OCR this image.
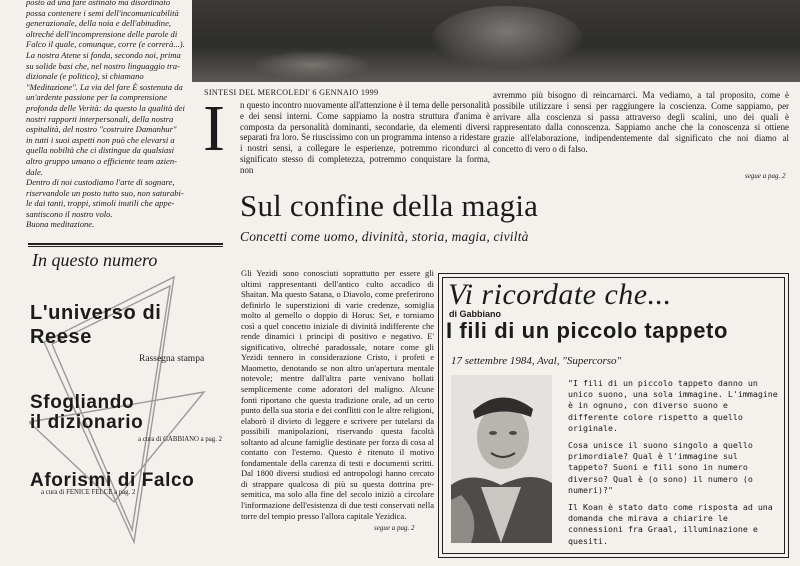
posto ad una fare ostinato ma disordinato
possa contenere i semi dell'incomunicabilità
generazionale, della noia e dell'abitudine,
oltreché dell'incomprensione delle parole di
Falco il quale, comunque, corre (e correrà...).
La nostra Atene si fonda, secondo noi, prima
su solide basi che, nel nostro linguaggio tra-
dizionale (e politico), si chiamano
"Meditazione". La via del fare È sostenuta da
un'ardente passione per la comprensione
profonda delle Verità: da questo la qualità dei
nostri rapporti interpersonali, della nostra
ospitalità, del nostro "costruire Damanhur"
in tutti i suoi aspetti non può che elevarsi a
quella nobiltà che ci distingue da qualsiasi
altro gruppo umano o efficiente team azien-
dale.
Dentro di noi custodiamo l'arte di sognare,
riservandole un posto tutto suo, non saturabi-
le dai tanti, troppi, stimoli inutili che appe-
santiscono il nostro volo.
Buona meditazione.
SINTESI DEL MERCOLEDI' 6 GENNAIO 1999
I n questo incontro nuovamente all'attenzione è il tema delle personalità e dei sensi interni. Come sappiamo la nostra struttura d'anima è composta da personalità dominanti, secondarie, da elementi diversi separati fra loro. Se riuscissimo con un programma intenso a ridestare i nostri sensi, a collegare le esperienze, potremmo ricondurci al significato stesso di completezza, potremmo conquistare la forma, non

avremmo più bisogno di reincarnarci. Ma vediamo, a tal proposito, come è possibile utilizzare i sensi per raggiungere la coscienza. Come sappiamo, per arrivare alla coscienza si passa attraverso degli scalini, uno dei quali è rappresentato dalla conoscenza. Sappiamo anche che la conoscenza si ottiene grazie all'elaborazione, indipendentemente dal significato che noi diamo al concetto di vero o di falso.

segue a pag. 2
Sul confine della magia
Concetti come uomo, divinità, storia, magia, civiltà
In questo numero
L'universo di
Reese
Rassegna stampa
Sfogliando
il dizionario
a cura di GABBIANO a pag. 2
Aforismi di Falco
a cura di FENICE FELCE a pag. 2

Gli Yezidi sono conosciuti soprattutto per essere gli ultimi rappresentanti dell'antico culto accadico di Shaitan. Ma questo Satana, o Diavolo, come preferirono definirlo le superstizioni di varie credenze, somiglia molto al gemello o doppio di Horus: Set, e torniamo così a quel concetto iniziale di divinità indifferente che rende dinamici i principi di positivo e negativo. E' significativo, oltreché paradossale, notare come gli Yezidi tennero in considerazione Cristo, i profeti e Maometto, denotando se non altro un'apertura mentale notevole; mentre dall'altra parte venivano bollati semplicemente come adoratori del maligno. Alcune fonti riportano che questa tradizione orale, ad un certo punto della sua storia e dei conflitti con le altre religioni, elaborò il divieto di leggere e scrivere per tutelarsi da possibili manipolazioni, riservando questa facoltà soltanto ad alcune famiglie destinate per forza di cosa al contatto con l'esterno. Questo è ritenuto il motivo fondamentale della carenza di testi e documenti scritti. Dal 1800 diversi studiosi ed antropologi hanno cercato di strappare qualcosa di più su questa dottrina pre-semitica, ma solo alla fine del secolo iniziò a circolare l'informazione dell'esistenza di due testi conservati nella torre del tempio presso l'allora capitale Yezidica.

segue a pag. 2
Vi ricordate che...
di Gabbiano
I fili di un piccolo tappeto
17 settembre 1984, Aval, "Supercorso"

"I fili di un piccolo tappeto danno un unico suono, una sola immagine. L'immagine è in ognuno, con diverso suono e differente colore rispetto a quello originale.

Cosa unisce il suono singolo a quello primordiale? Qual è l'immagine sul tappeto? Suoni e fili sono in numero diverso? Qual è (o sono) il numero (o numeri)?"

Il Koan è stato dato come risposta ad una domanda che mirava a chiarire le connessioni fra Graal, illuminazione e quesiti.
